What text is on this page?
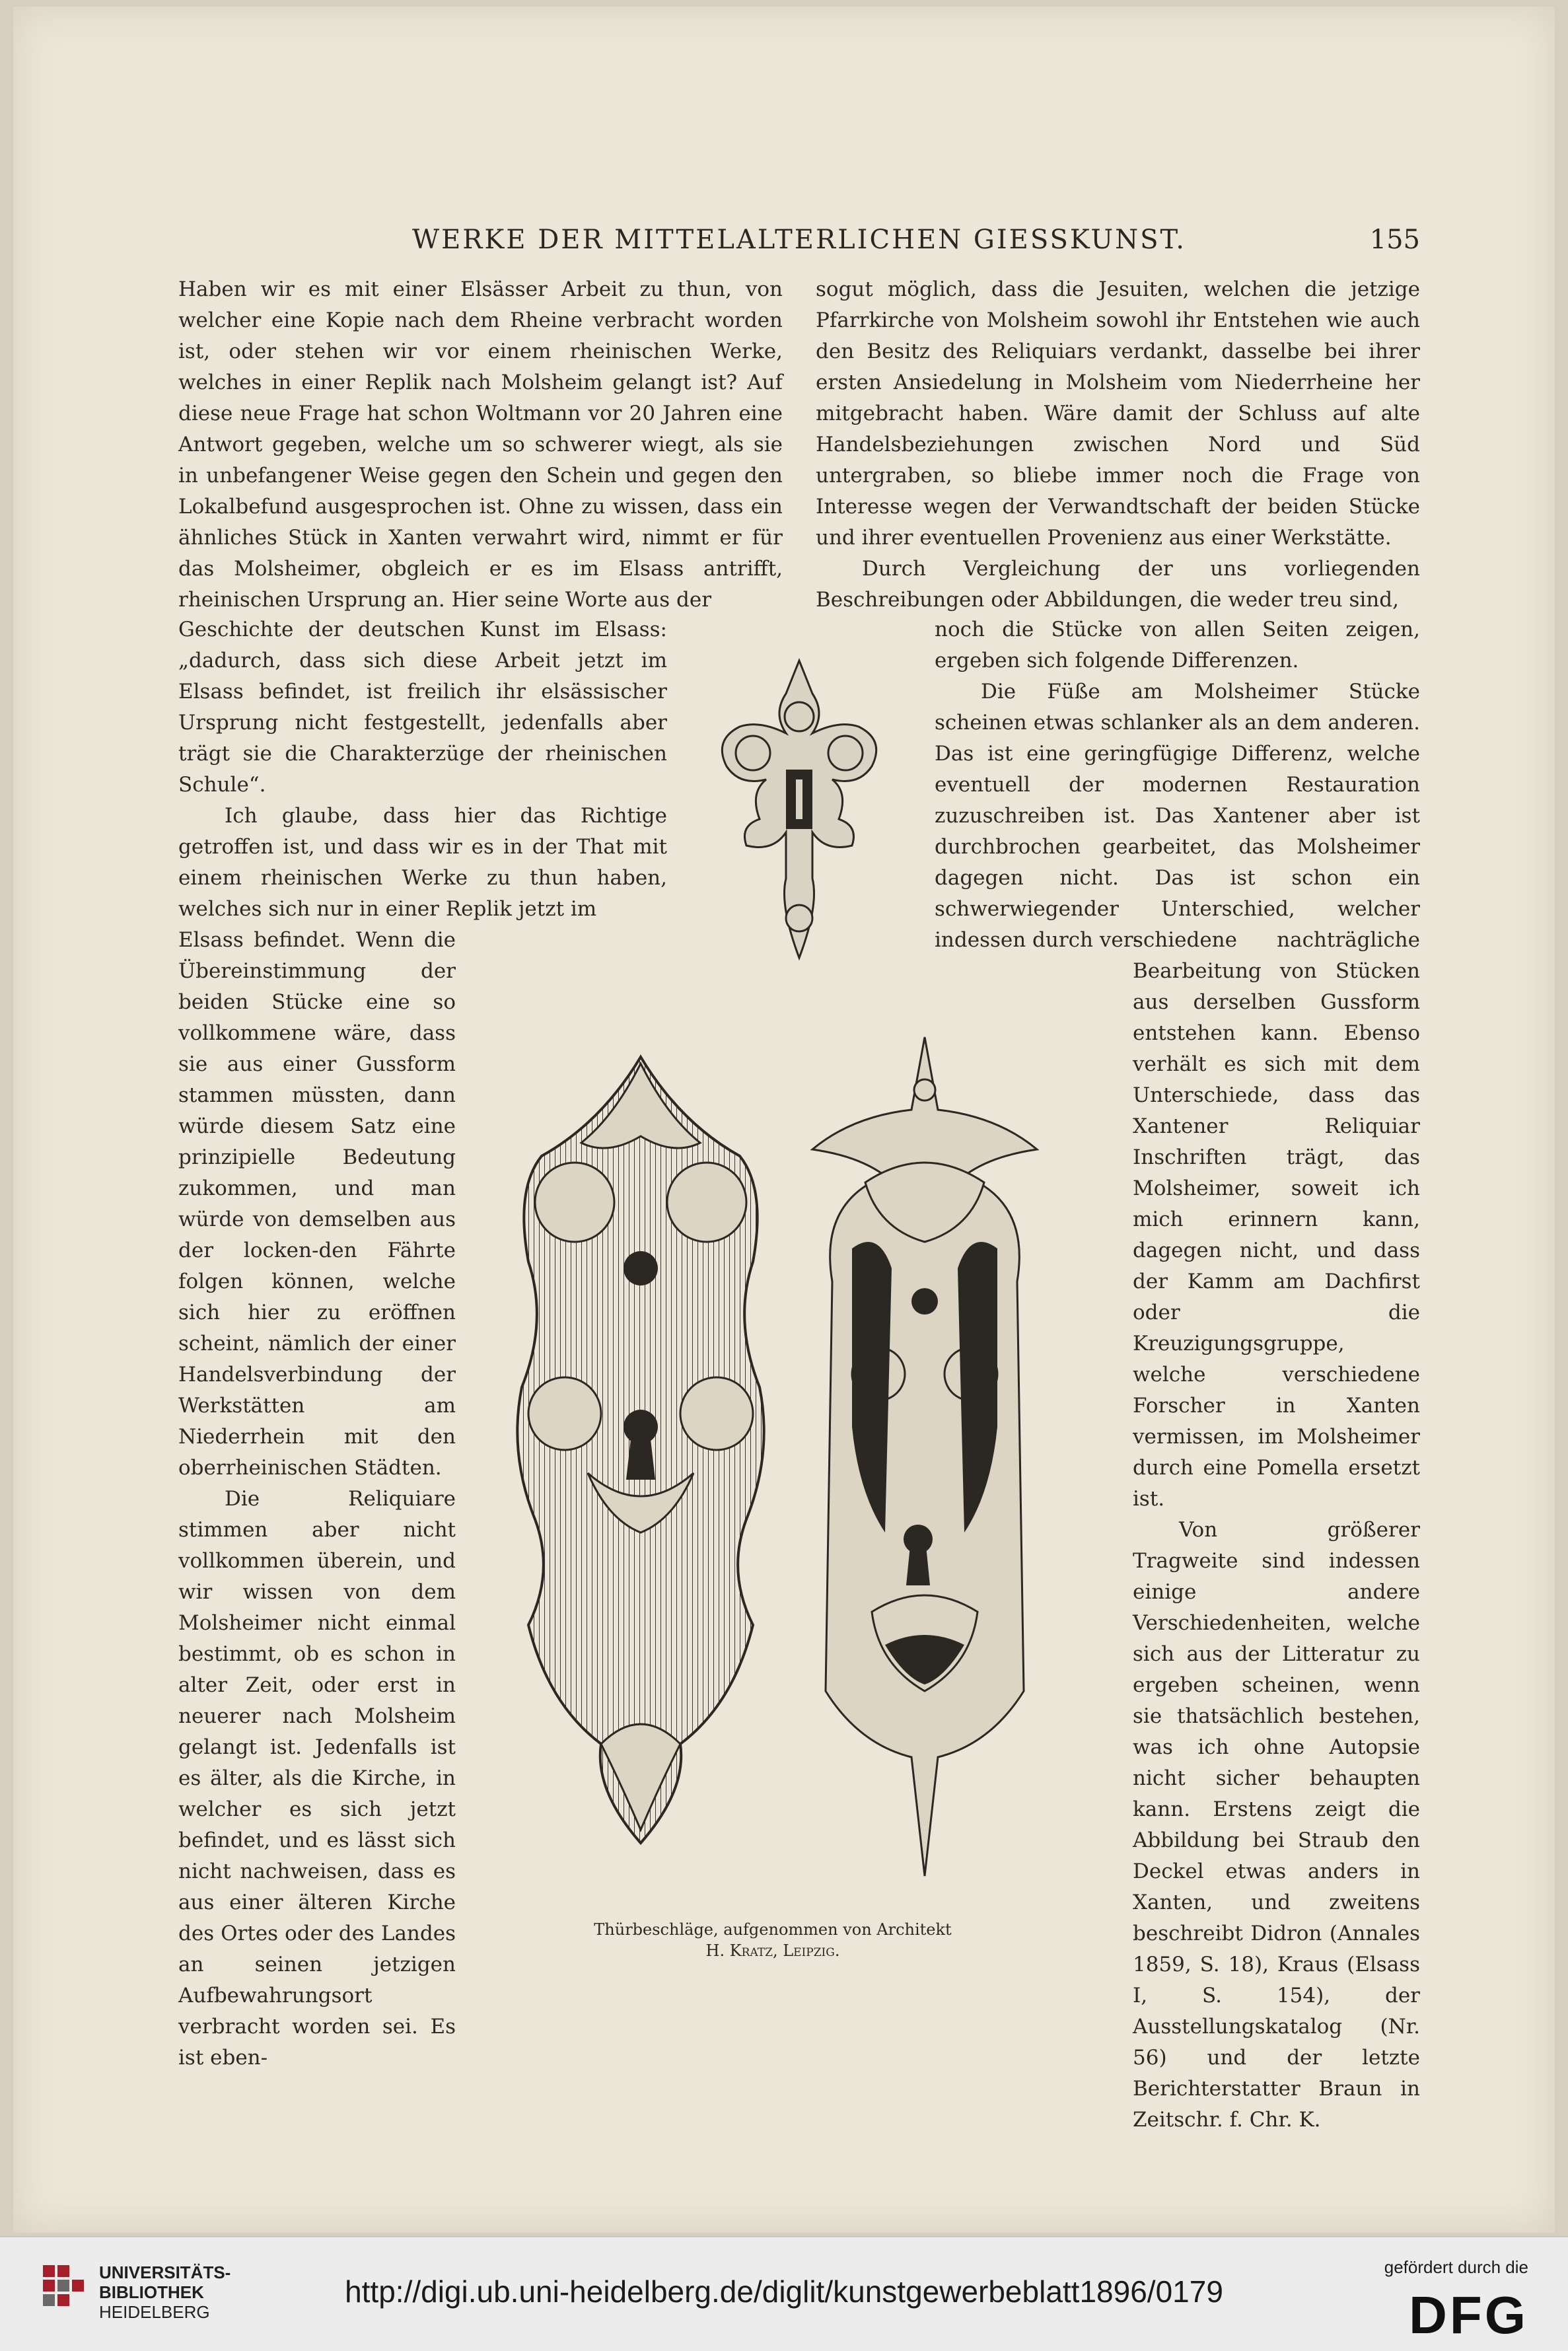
WERKE DER MITTELALTERLICHEN GIESSKUNST.	155

Haben wir es mit einer Elsässer Arbeit zu thun, von welcher eine Kopie nach dem Rheine verbracht worden ist, oder stehen wir vor einem rheinischen Werke, welches in einer Replik nach Molsheim gelangt ist? Auf diese neue Frage hat schon Woltmann vor 20 Jahren eine Antwort gegeben, welche um so schwerer wiegt, als sie in unbefangener Weise gegen den Schein und gegen den Lokalbefund ausgesprochen ist. Ohne zu wissen, dass ein ähnliches Stück in Xanten verwahrt wird, nimmt er für das Molsheimer, obgleich er es im Elsass antrifft, rheinischen Ursprung an. Hier seine Worte aus der

Geschichte der deutschen Kunst im Elsass: „dadurch, dass sich diese Arbeit jetzt im Elsass befindet, ist freilich ihr elsässischer Ursprung nicht festgestellt, jedenfalls aber trägt sie die Charakterzüge der rheinischen Schule“.

Ich glaube, dass hier das Richtige getroffen ist, und dass wir es in der That mit einem rheinischen Werke zu thun haben, welches sich nur in einer Replik jetzt im

Elsass befindet. Wenn die Übereinstimmung der beiden Stücke eine so vollkommene wäre, dass sie aus einer Gussform stammen müssten, dann würde diesem Satz eine prinzipielle Bedeutung zukommen, und man würde von demselben aus der locken-den Fährte folgen können, welche sich hier zu eröffnen scheint, nämlich der einer Handelsverbindung der Werkstätten am Niederrhein mit den oberrheinischen Städten.

Die Reliquiare stimmen aber nicht vollkommen überein, und wir wissen von dem Molsheimer nicht einmal bestimmt, ob es schon in alter Zeit, oder erst in neuerer nach Molsheim gelangt ist. Jedenfalls ist es älter, als die Kirche, in welcher es sich jetzt befindet, und es lässt sich nicht nachweisen, dass es aus einer älteren Kirche des Ortes oder des Landes an seinen jetzigen Aufbewahrungsort verbracht worden sei. Es ist eben-

sogut möglich, dass die Jesuiten, welchen die jetzige Pfarrkirche von Molsheim sowohl ihr Entstehen wie auch den Besitz des Reliquiars verdankt, dasselbe bei ihrer ersten Ansiedelung in Molsheim vom Niederrheine her mitgebracht haben. Wäre damit der Schluss auf alte Handelsbeziehungen zwischen Nord und Süd untergraben, so bliebe immer noch die Frage von Interesse wegen der Verwandtschaft der beiden Stücke und ihrer eventuellen Provenienz aus einer Werkstätte.

Durch Vergleichung der uns vorliegenden Beschreibungen oder Abbildungen, die weder treu sind,

noch die Stücke von allen Seiten zeigen, ergeben sich folgende Differenzen.

Die Füße am Molsheimer Stücke scheinen etwas schlanker als an dem anderen. Das ist eine geringfügige Differenz, welche eventuell der modernen Restauration zuzuschreiben ist. Das Xantener aber ist durchbrochen gearbeitet, das Molsheimer dagegen nicht. Das ist schon ein schwerwiegender Unterschied, welcher indessen durch ver-

schiedene nachträgliche Bearbeitung von Stücken aus derselben Gussform entstehen kann. Ebenso verhält es sich mit dem Unterschiede, dass das Xantener Reliquiar Inschriften trägt, das Molsheimer, soweit ich mich erinnern kann, dagegen nicht, und dass der Kamm am Dachfirst oder die Kreuzigungsgruppe, welche verschiedene Forscher in Xanten vermissen, im Molsheimer durch eine Pomella ersetzt ist.

Von größerer Tragweite sind indessen einige andere Verschiedenheiten, welche sich aus der Litteratur zu ergeben scheinen, wenn sie thatsächlich bestehen, was ich ohne Autopsie nicht sicher behaupten kann. Erstens zeigt die Abbildung bei Straub den Deckel etwas anders in Xanten, und zweitens beschreibt Didron (Annales 1859, S. 18), Kraus (Elsass I, S. 154), der Ausstellungskatalog (Nr. 56) und der letzte Berichterstatter Braun in Zeitschr. f. Chr. K.

Thürbeschläge, aufgenommen von Architekt
H. Kratz, Leipzig.
UNIVERSITÄTS-
BIBLIOTHEK
HEIDELBERG
http://digi.ub.uni-heidelberg.de/diglit/kunstgewerbeblatt1896/0179
gefördert durch die
DFG
